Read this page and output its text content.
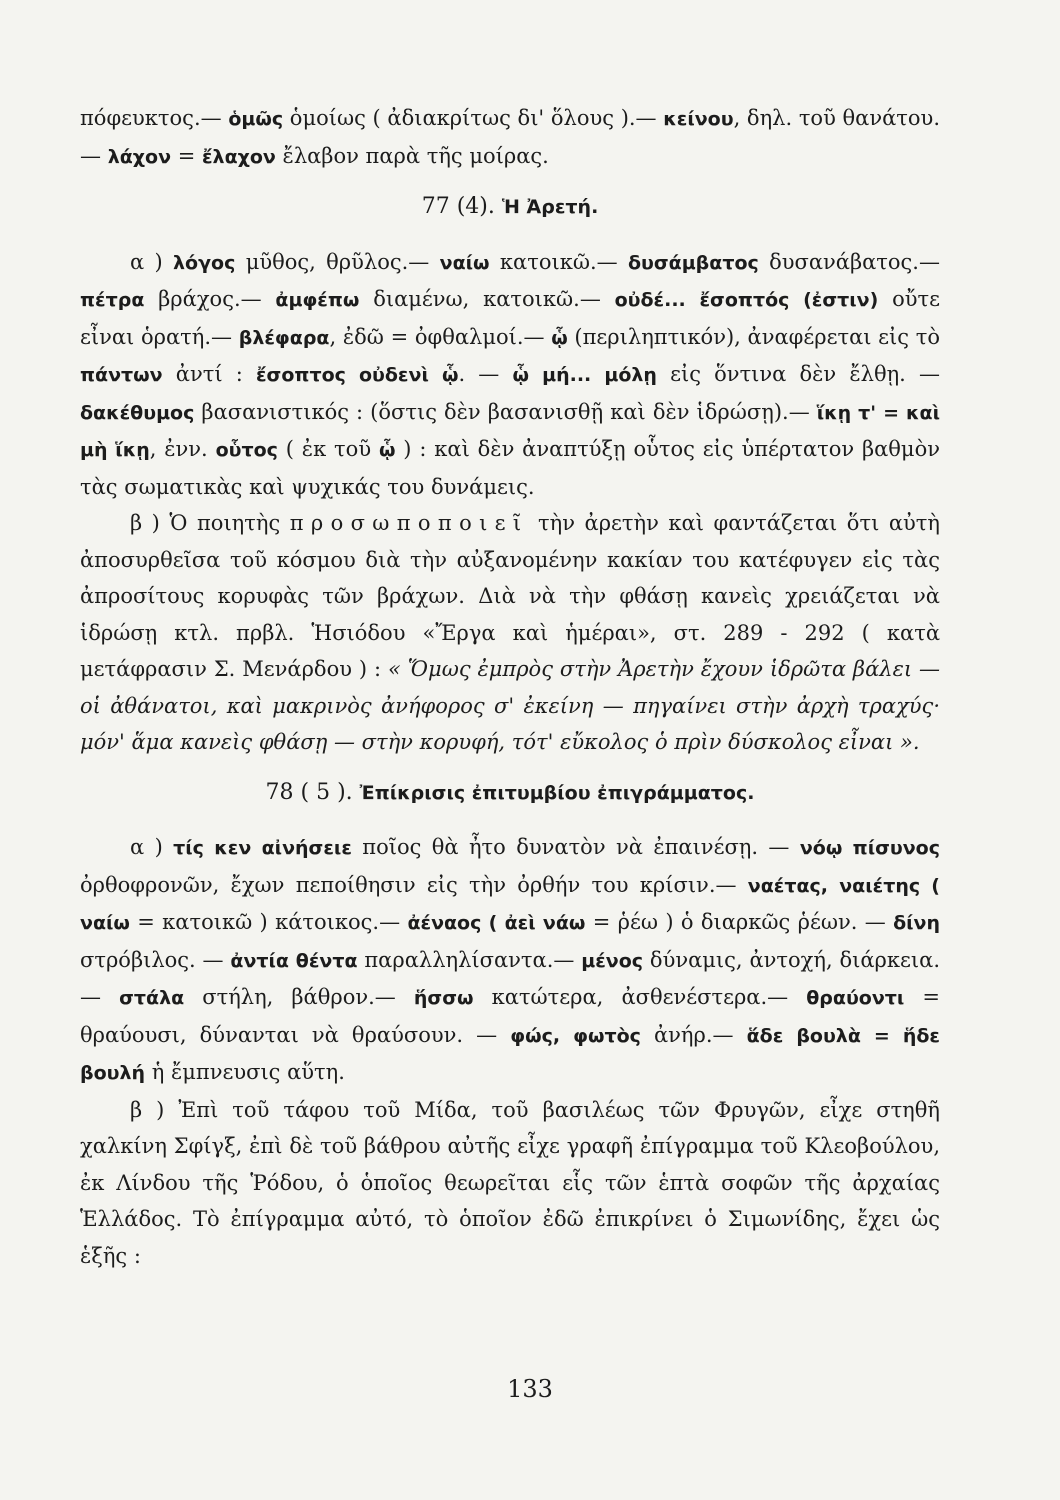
πόφευκτος.— ὁμῶς ὁμοίως ( ἀδιακρίτως δι' ὅλους ).— κείνου, δηλ. τοῦ θανάτου.— λάχον = ἔλαχον ἔλαβον παρὰ τῆς μοίρας.

77 (4). Ἡ Ἀρετή.

α ) λόγος μῦθος, θρῦλος.— ναίω κατοικῶ.— δυσάμβατος δυσανάβατος.— πέτρα βράχος.— ἀμφέπω διαμένω, κατοικῶ.— οὐδέ... ἔσοπτός (ἐστιν) οὔτε εἶναι ὁρατή.— βλέφαρα, ἐδῶ = ὀφθαλμοί.— ᾧ (περιληπτικόν), ἀναφέρεται εἰς τὸ πάντων ἀντί : ἔσοπτος οὐδενὶ ᾧ. — ᾧ μή... μόλῃ εἰς ὅντινα δὲν ἔλθῃ. — δακέθυμος βασανιστικός : (ὅστις δὲν βασανισθῇ καὶ δὲν ἱδρώσῃ).— ἵκῃ τ' = καὶ μὴ ἵκῃ, ἐνν. οὗτος ( ἐκ τοῦ ᾧ ) : καὶ δὲν ἀναπτύξῃ οὗτος εἰς ὑπέρτατον βαθμὸν τὰς σωματικὰς καὶ ψυχικάς του δυνάμεις.

β ) Ὁ ποιητὴς προσωποποιεῖ τὴν ἀρετὴν καὶ φαντάζεται ὅτι αὐτὴ ἀποσυρθεῖσα τοῦ κόσμου διὰ τὴν αὐξανομένην κακίαν του κατέφυγεν εἰς τὰς ἀπροσίτους κορυφὰς τῶν βράχων. Διὰ νὰ τὴν φθάσῃ κανεὶς χρειάζεται νὰ ἱδρώσῃ κτλ. πρβλ. Ἡσιόδου «Ἔργα καὶ ἡμέραι», στ. 289 - 292 ( κατὰ μετάφρασιν Σ. Μενάρδου ) : « Ὅμως ἐμπρὸς στὴν Ἀρετὴν ἔχουν ἱδρῶτα βάλει — οἱ ἀθάνατοι, καὶ μακρινὸς ἀνήφορος σ' ἐκείνη — πηγαίνει στὴν ἀρχὴ τραχύς· μόν' ἅμα κανεὶς φθάσῃ — στὴν κορυφή, τότ' εὔκολος ὁ πρὶν δύσκολος εἶναι ».

78 ( 5 ). Ἐπίκρισις ἐπιτυμβίου ἐπιγράμματος.

α ) τίς κεν αἰνήσειε ποῖος θὰ ἦτο δυνατὸν νὰ ἐπαινέσῃ. — νόῳ πίσυνος ὀρθοφρονῶν, ἔχων πεποίθησιν εἰς τὴν ὀρθήν του κρίσιν.— ναέτας, ναιέτης ( ναίω = κατοικῶ ) κάτοικος.— ἀέναος ( ἀεὶ νάω = ῥέω ) ὁ διαρκῶς ῥέων. — δίνη στρόβιλος. — ἀντία θέντα παραλληλίσαντα.— μένος δύναμις, ἀντοχή, διάρκεια.— στάλα στήλη, βάθρον.— ἥσσω κατώτερα, ἀσθενέστερα.— θραύοντι = θραύουσι, δύνανται νὰ θραύσουν. — φώς, φωτὸς ἀνήρ.— ἅδε βουλὰ = ἥδε βουλή ἡ ἔμπνευσις αὕτη.

β ) Ἐπὶ τοῦ τάφου τοῦ Μίδα, τοῦ βασιλέως τῶν Φρυγῶν, εἶχε στηθῆ χαλκίνη Σφίγξ, ἐπὶ δὲ τοῦ βάθρου αὐτῆς εἶχε γραφῆ ἐπίγραμμα τοῦ Κλεοβούλου, ἐκ Λίνδου τῆς Ῥόδου, ὁ ὁποῖος θεωρεῖται εἷς τῶν ἑπτὰ σοφῶν τῆς ἀρχαίας Ἑλλάδος. Τὸ ἐπίγραμμα αὐτό, τὸ ὁποῖον ἐδῶ ἐπικρίνει ὁ Σιμωνίδης, ἔχει ὡς ἑξῆς :

133
